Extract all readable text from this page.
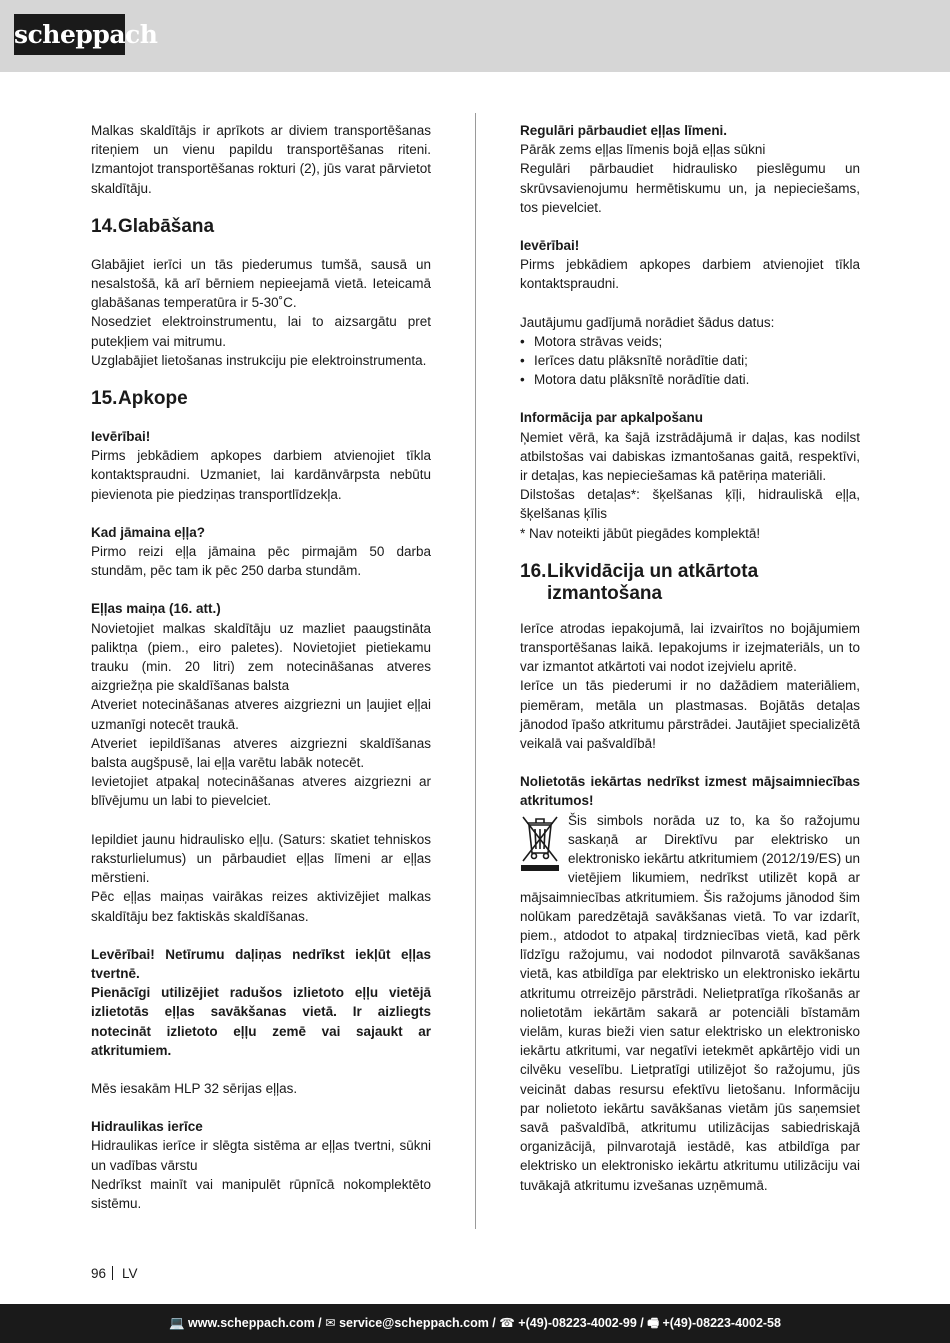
scheppach

Malkas skaldītājs ir aprīkots ar diviem transportēšanas riteņiem un vienu papildu transportēšanas riteni. Izmantojot transportēšanas rokturi (2), jūs varat pārvietot skaldītāju.

14.Glabāšana

Glabājiet ierīci un tās piederumus tumšā, sausā un nesalstošā, kā arī bērniem nepieejamā vietā. Ieteicamā glabāšanas temperatūra ir 5-30˚C.

Nosedziet elektroinstrumentu, lai to aizsargātu pret putekļiem vai mitrumu.

Uzglabājiet lietošanas instrukciju pie elektroinstrumenta.

15.Apkope

Ievērībai!

Pirms jebkādiem apkopes darbiem atvienojiet tīkla kontaktspraudni. Uzmaniet, lai kardānvārpsta nebūtu pievienota pie piedziņas transportlīdzekļa.

Kad jāmaina eļļa?

Pirmo reizi eļļa jāmaina pēc pirmajām 50 darba stundām, pēc tam ik pēc 250 darba stundām.

Eļļas maiņa (16. att.)

Novietojiet malkas skaldītāju uz mazliet paaugstināta paliktņa (piem., eiro paletes). Novietojiet pietiekamu trauku (min. 20 litri) zem notecināšanas atveres aizgriežņa pie skaldīšanas balsta

Atveriet notecināšanas atveres aizgriezni un ļaujiet eļļai uzmanīgi notecēt traukā.

Atveriet iepildīšanas atveres aizgriezni skaldīšanas balsta augšpusē, lai eļļa varētu labāk notecēt.

Ievietojiet atpakaļ notecināšanas atveres aizgriezni ar blīvējumu un labi to pievelciet.

Iepildiet jaunu hidraulisko eļļu. (Saturs: skatiet tehniskos raksturlielumus) un pārbaudiet eļļas līmeni ar eļļas mērstieni.

Pēc eļļas maiņas vairākas reizes aktivizējiet malkas skaldītāju bez faktiskās skaldīšanas.

Levērībai! Netīrumu daļiņas nedrīkst iekļūt eļļas tvertnē.

Pienācīgi utilizējiet radušos izlietoto eļļu vietējā izlietotās eļļas savākšanas vietā. Ir aizliegts notecināt izlietoto eļļu zemē vai sajaukt ar atkritumiem.

Mēs iesakām HLP 32 sērijas eļļas.

Hidraulikas ierīce

Hidraulikas ierīce ir slēgta sistēma ar eļļas tvertni, sūkni un vadības vārstu

Nedrīkst mainīt vai manipulēt rūpnīcā nokomplektēto sistēmu.

Regulāri pārbaudiet eļļas līmeni.

Pārāk zems eļļas līmenis bojā eļļas sūkni

Regulāri pārbaudiet hidraulisko pieslēgumu un skrūvsavienojumu hermētiskumu un, ja nepieciešams, tos pievelciet.

Ievērībai!

Pirms jebkādiem apkopes darbiem atvienojiet tīkla kontaktspraudni.

Jautājumu gadījumā norādiet šādus datus:

• Motora strāvas veids;
• Ierīces datu plāksnītē norādītie dati;
• Motora datu plāksnītē norādītie dati.

Informācija par apkalpošanu

Ņemiet vērā, ka šajā izstrādājumā ir daļas, kas nodilst atbilstošas vai dabiskas izmantošanas gaitā, respektīvi, ir detaļas, kas nepieciešamas kā patēriņa materiāli.

Dilstošas detaļas*: šķelšanas ķīļi, hidrauliskā eļļa, šķelšanas ķīlis

* Nav noteikti jābūt piegādes komplektā!

16. Likvidācija un atkārtota izmantošana

Ierīce atrodas iepakojumā, lai izvairītos no bojājumiem transportēšanas laikā. Iepakojums ir izejmateriāls, un to var izmantot atkārtoti vai nodot izejvielu apritē.

Ierīce un tās piederumi ir no dažādiem materiāliem, piemēram, metāla un plastmasas. Bojātās detaļas jānodod īpašo atkritumu pārstrādei. Jautājiet specializētā veikalā vai pašvaldībā!

Nolietotās iekārtas nedrīkst izmest mājsaimniecības atkritumos!

Šis simbols norāda uz to, ka šo ražojumu saskaņā ar Direktīvu par elektrisko un elektronisko iekārtu atkritumiem (2012/19/ES) un vietējiem likumiem, nedrīkst utilizēt kopā ar mājsaimniecības atkritumiem. Šis ražojums jānodod šim nolūkam paredzētajā savākšanas vietā. To var izdarīt, piem., atdodot to atpakaļ tirdzniecības vietā, kad pērk līdzīgu ražojumu, vai nododot pilnvarotā savākšanas vietā, kas atbildīga par elektrisko un elektronisko iekārtu atkritumu otrreizējo pārstrādi. Nelietpratīga rīkošanās ar nolietotām iekārtām sakarā ar potenciāli bīstamām vielām, kuras bieži vien satur elektrisko un elektronisko iekārtu atkritumi, var negatīvi ietekmēt apkārtējo vidi un cilvēku veselību. Lietpratīgi utilizējot šo ražojumu, jūs veicināt dabas resursu efektīvu lietošanu. Informāciju par nolietoto iekārtu savākšanas vietām jūs saņemsiet savā pašvaldībā, atkritumu utilizācijas sabiedriskajā organizācijā, pilnvarotajā iestādē, kas atbildīga par elektrisko un elektronisko iekārtu atkritumu utilizāciju vai tuvākajā atkritumu izvešanas uzņēmumā.

96 LV
💻 www.scheppach.com / ✉ service@scheppach.com / ☎ +(49)-08223-4002-99 / 🖷 +(49)-08223-4002-58
